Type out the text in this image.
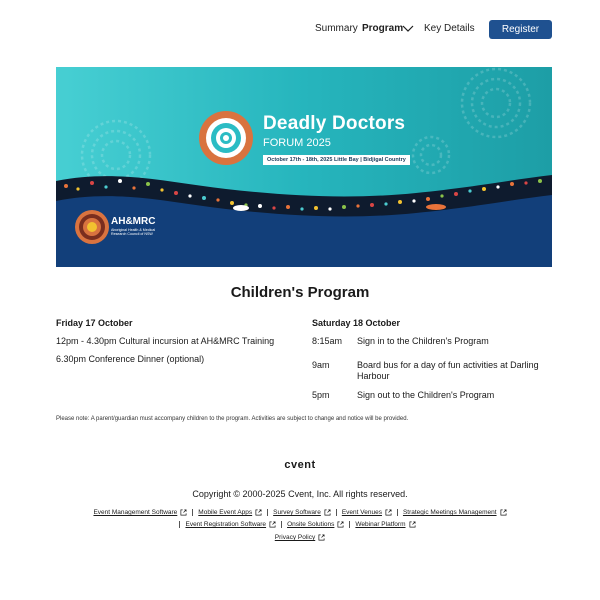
Summary Program Key Details	Register
Deadly Doctors
FORUM 2025
October 17th - 18th, 2025 Little Bay | Bidjigal Country
AH&MRC
Aboriginal Health & Medical Research Council of NSW
Children's Program
Friday 17 October
12pm - 4.30pm Cultural incursion at AH&MRC Training
6.30pm Conference Dinner (optional)
Saturday 18 October
8:15am Sign in to the Children's Program
9am	Board bus for a day of fun activities at Darling Harbour
5pm	Sign out to the Children's Program
Please note: A parent/guardian must accompany children to the program. Activities are subject to change and notice will be provided.
cvent
Copyright © 2000-2025 Cvent, Inc. All rights reserved.
Event Management Software	Mobile Event Apps	Survey Software	Event Venues	Strategic Meetings Management
Event Registration Software	Onsite Solutions	Webinar Platform
Privacy Policy
